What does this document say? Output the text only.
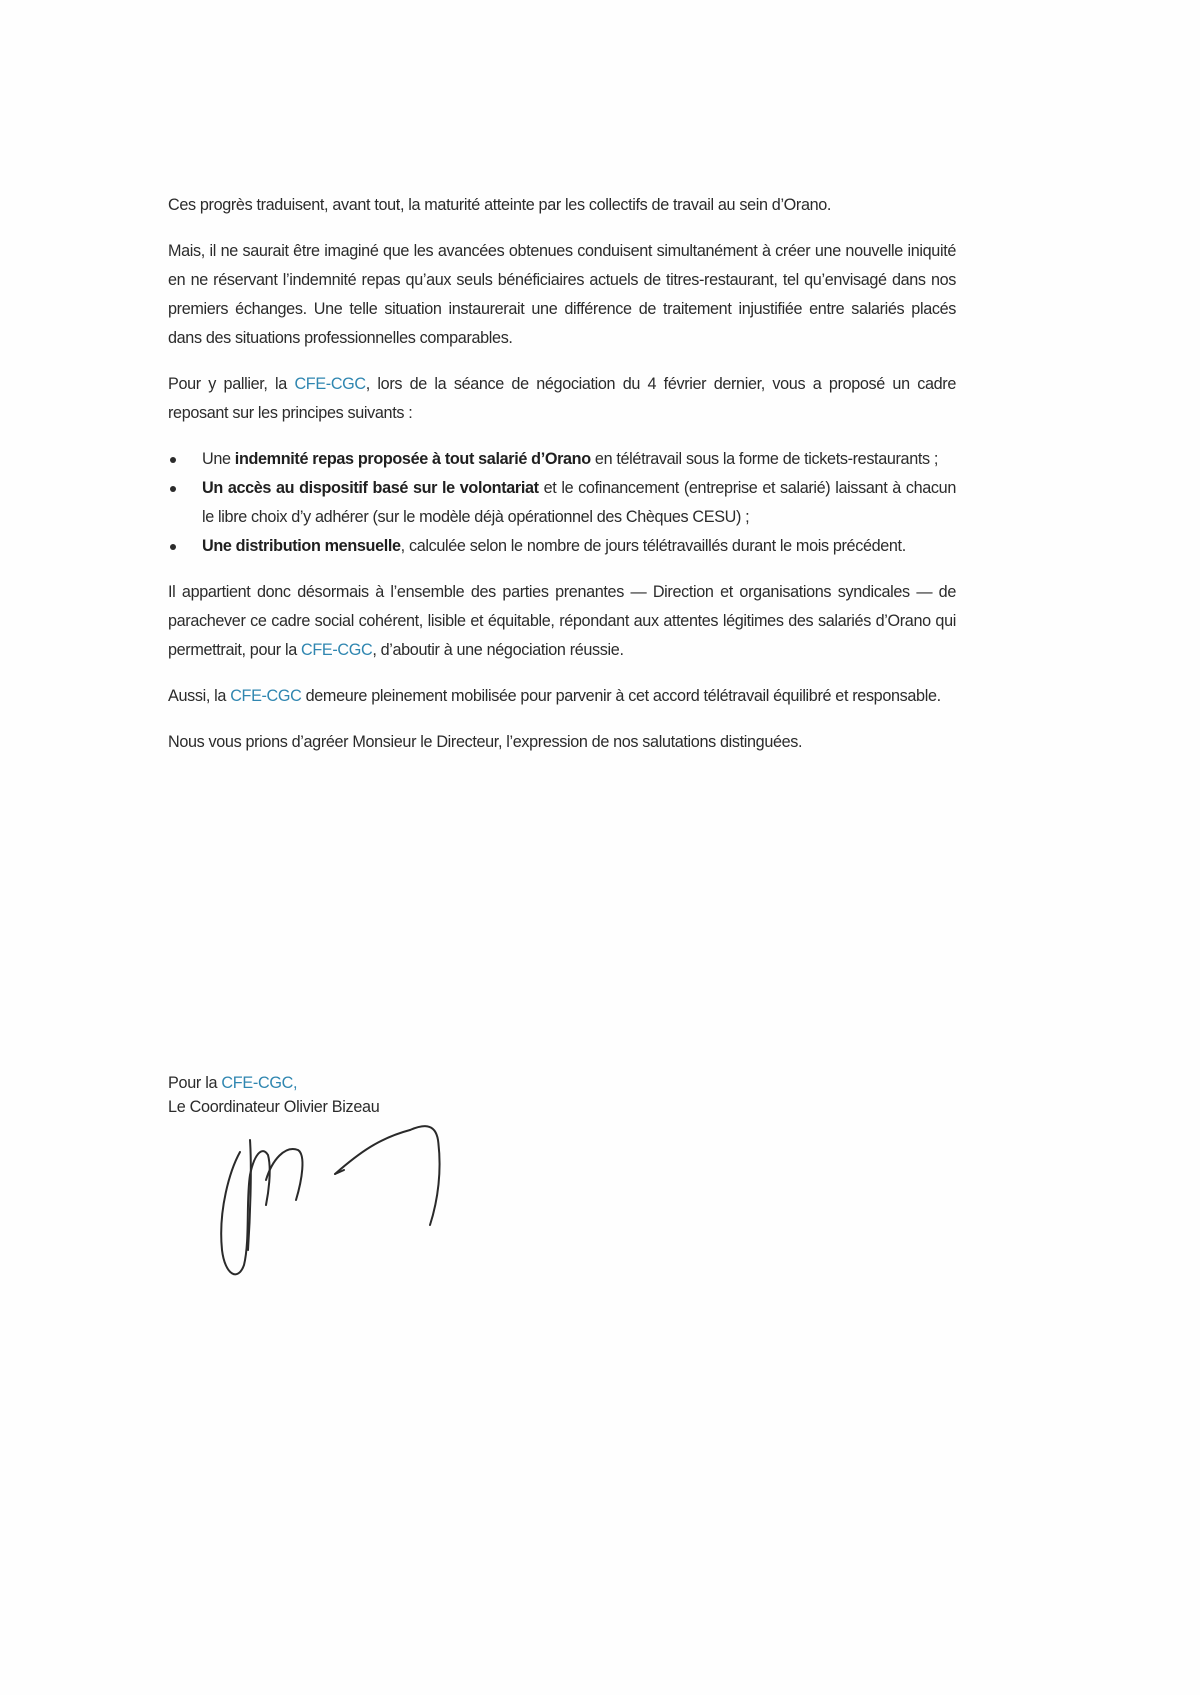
Ces progrès traduisent, avant tout, la maturité atteinte par les collectifs de travail au sein d’Orano.

Mais, il ne saurait être imaginé que les avancées obtenues conduisent simultanément à créer une nouvelle iniquité en ne réservant l’indemnité repas qu’aux seuls bénéficiaires actuels de titres-restaurant, tel qu’envisagé dans nos premiers échanges. Une telle situation instaurerait une différence de traitement injustifiée entre salariés placés dans des situations professionnelles comparables.

Pour y pallier, la CFE-CGC, lors de la séance de négociation du 4 février dernier, vous a proposé un cadre reposant sur les principes suivants :

Une indemnité repas proposée à tout salarié d’Orano en télétravail sous la forme de tickets-restaurants ;
Un accès au dispositif basé sur le volontariat et le cofinancement (entreprise et salarié) laissant à chacun le libre choix d’y adhérer (sur le modèle déjà opérationnel des Chèques CESU) ;
Une distribution mensuelle, calculée selon le nombre de jours télétravaillés durant le mois précédent.

Il appartient donc désormais à l’ensemble des parties prenantes — Direction et organisations syndicales — de parachever ce cadre social cohérent, lisible et équitable, répondant aux attentes légitimes des salariés d’Orano qui permettrait, pour la CFE-CGC, d’aboutir à une négociation réussie.

Aussi, la CFE-CGC demeure pleinement mobilisée pour parvenir à cet accord télétravail équilibré et responsable.

Nous vous prions d’agréer Monsieur le Directeur, l’expression de nos salutations distinguées.

Pour la CFE-CGC,
Le Coordinateur Olivier Bizeau
